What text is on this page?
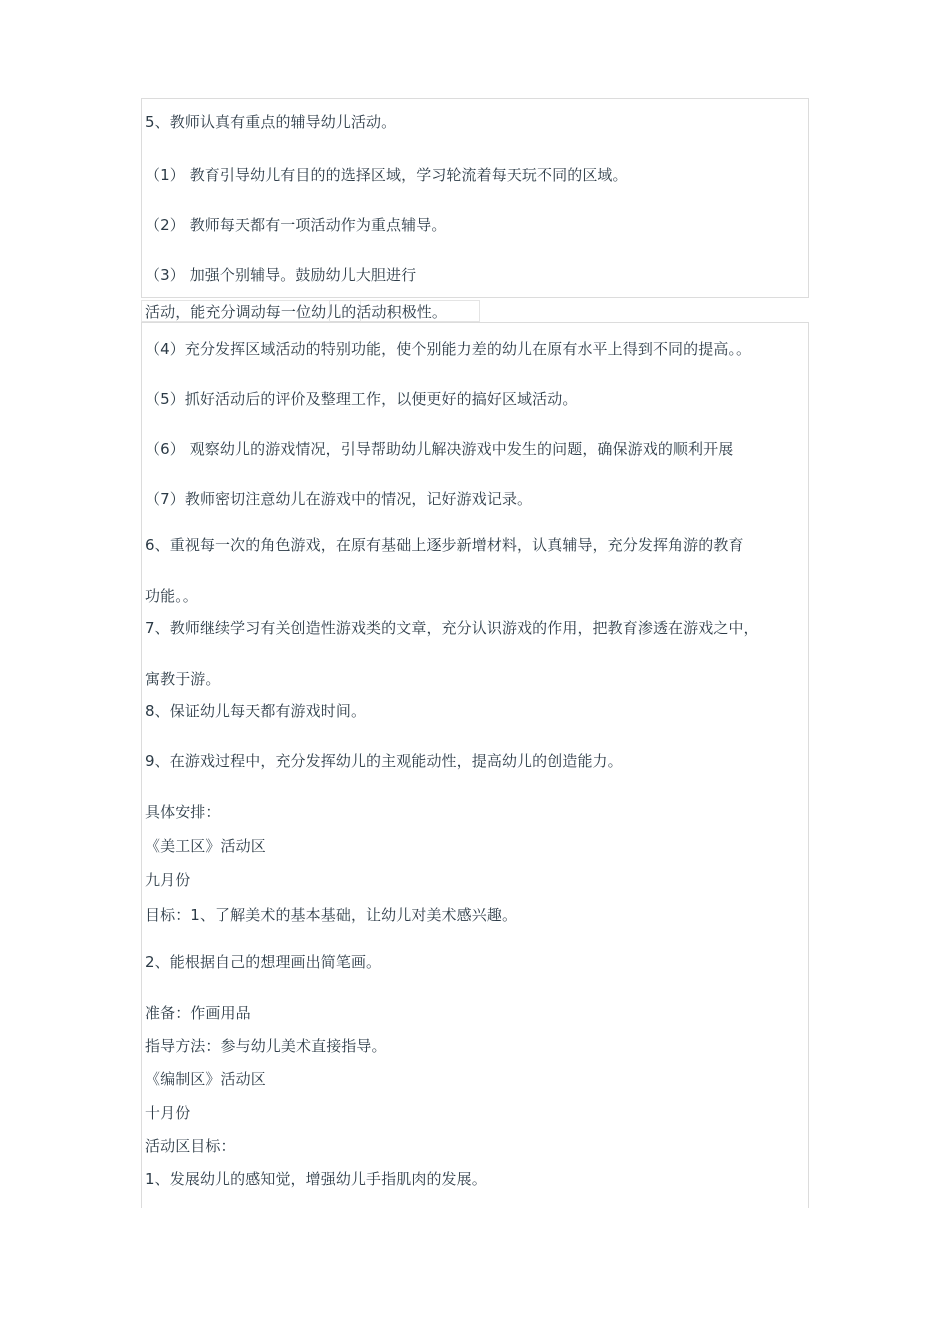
5、教师认真有重点的辅导幼儿活动。
（1） 教育引导幼儿有目的的选择区域，学习轮流着每天玩不同的区域。
（2） 教师每天都有一项活动作为重点辅导。
（3） 加强个别辅导。鼓励幼儿大胆进行
活动，能充分调动每一位幼儿的活动积极性。
（4）充分发挥区域活动的特别功能，使个别能力差的幼儿在原有水平上得到不同的提高。。
（5）抓好活动后的评价及整理工作，以便更好的搞好区域活动。
（6） 观察幼儿的游戏情况，引导帮助幼儿解决游戏中发生的问题，确保游戏的顺利开展
（7）教师密切注意幼儿在游戏中的情况，记好游戏记录。
6、重视每一次的角色游戏，在原有基础上逐步新增材料，认真辅导，充分发挥角游的教育
功能。。
7、教师继续学习有关创造性游戏类的文章，充分认识游戏的作用，把教育渗透在游戏之中，
寓教于游。
8、保证幼儿每天都有游戏时间。
9、在游戏过程中，充分发挥幼儿的主观能动性，提高幼儿的创造能力。
具体安排：
《美工区》活动区
九月份
目标：1、了解美术的基本基础，让幼儿对美术感兴趣。
2、能根据自己的想理画出简笔画。
准备：作画用品
指导方法：参与幼儿美术直接指导。
《编制区》活动区
十月份
活动区目标：
1、发展幼儿的感知觉，增强幼儿手指肌肉的发展。
